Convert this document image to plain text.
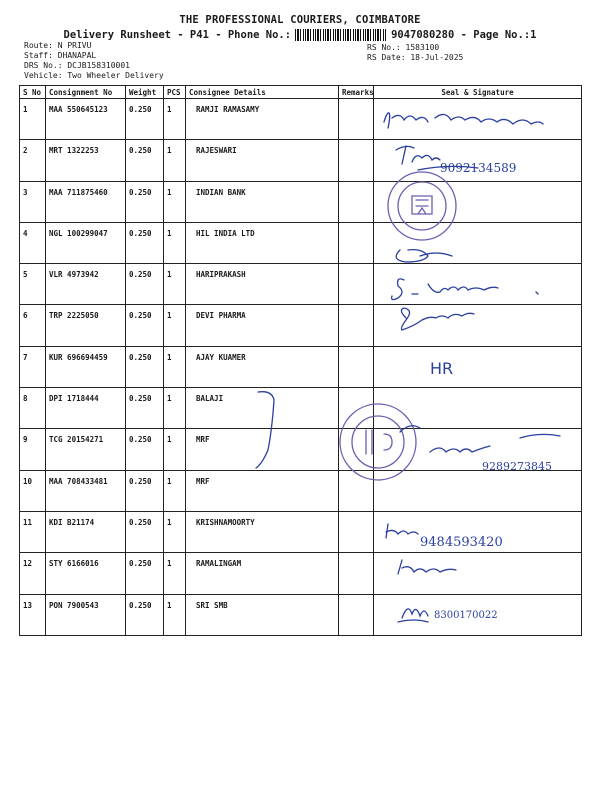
THE PROFESSIONAL COURIERS, COIMBATORE
Delivery Runsheet - P41 - Phone No.:	9047080280 - Page No.:1
Route: N PRIVU
Staff: DHANAPAL
DRS No.: DCJB158310001
Vehicle: Two Wheeler Delivery
RS No.: 1583100
RS Date: 18-Jul-2025
S No	Consignment No	Weight	PCS	Consignee Details	Remarks	Seal & Signature
1	MAA 550645123	0.250	1	RAMJI RAMASAMY		
2	MRT 1322253	0.250	1	RAJESWARI		
3	MAA 711875460	0.250	1	INDIAN BANK		
4	NGL 100299047	0.250	1	HIL INDIA LTD		
5	VLR 4973942	0.250	1	HARIPRAKASH		
6	TRP 2225050	0.250	1	DEVI PHARMA		
7	KUR 696694459	0.250	1	AJAY KUAMER		
8	DPI 1718444	0.250	1	BALAJI		
9	TCG 20154271	0.250	1	MRF		
10	MAA 708433481	0.250	1	MRF		
11	KDI B21174	0.250	1	KRISHNAMOORTY		
12	STY 6166016	0.250	1	RAMALINGAM		
13	PON 7900543	0.250	1	SRI SMB		
9092134589
HR
9289273845
9484593420
8300170022
